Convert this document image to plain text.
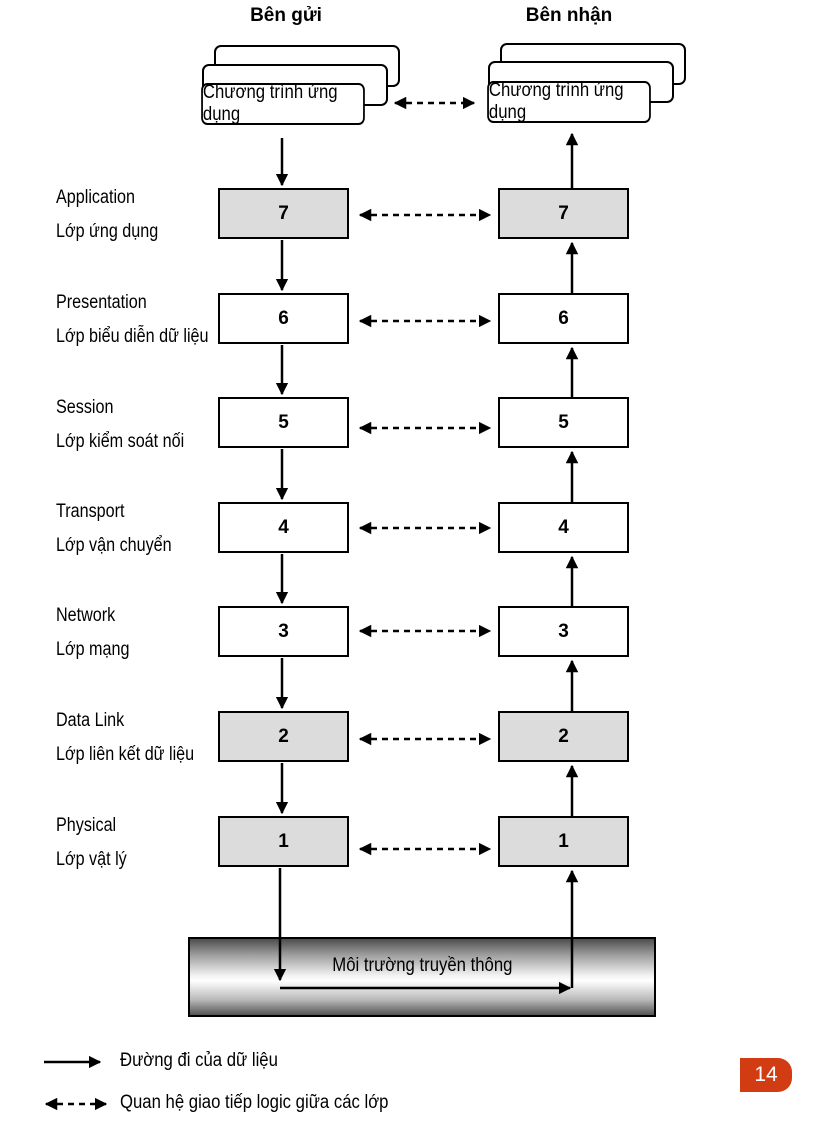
Bên gửi	Bên nhận
Chương trình ứng dụng
Chương trình ứng dụng
Application
Lớp ứng dụng
Presentation
Lớp biểu diễn dữ liệu
Session
Lớp kiểm soát nối
Transport
Lớp vận chuyển
Network
Lớp mạng
Data Link
Lớp liên kết dữ liệu
Physical
Lớp vật lý
7
6
5
4
3
2
1
7
6
5
4
3
2
1
Môi trường truyền thông
Đường đi của dữ liệu
Quan hệ giao tiếp logic giữa các lớp
14
